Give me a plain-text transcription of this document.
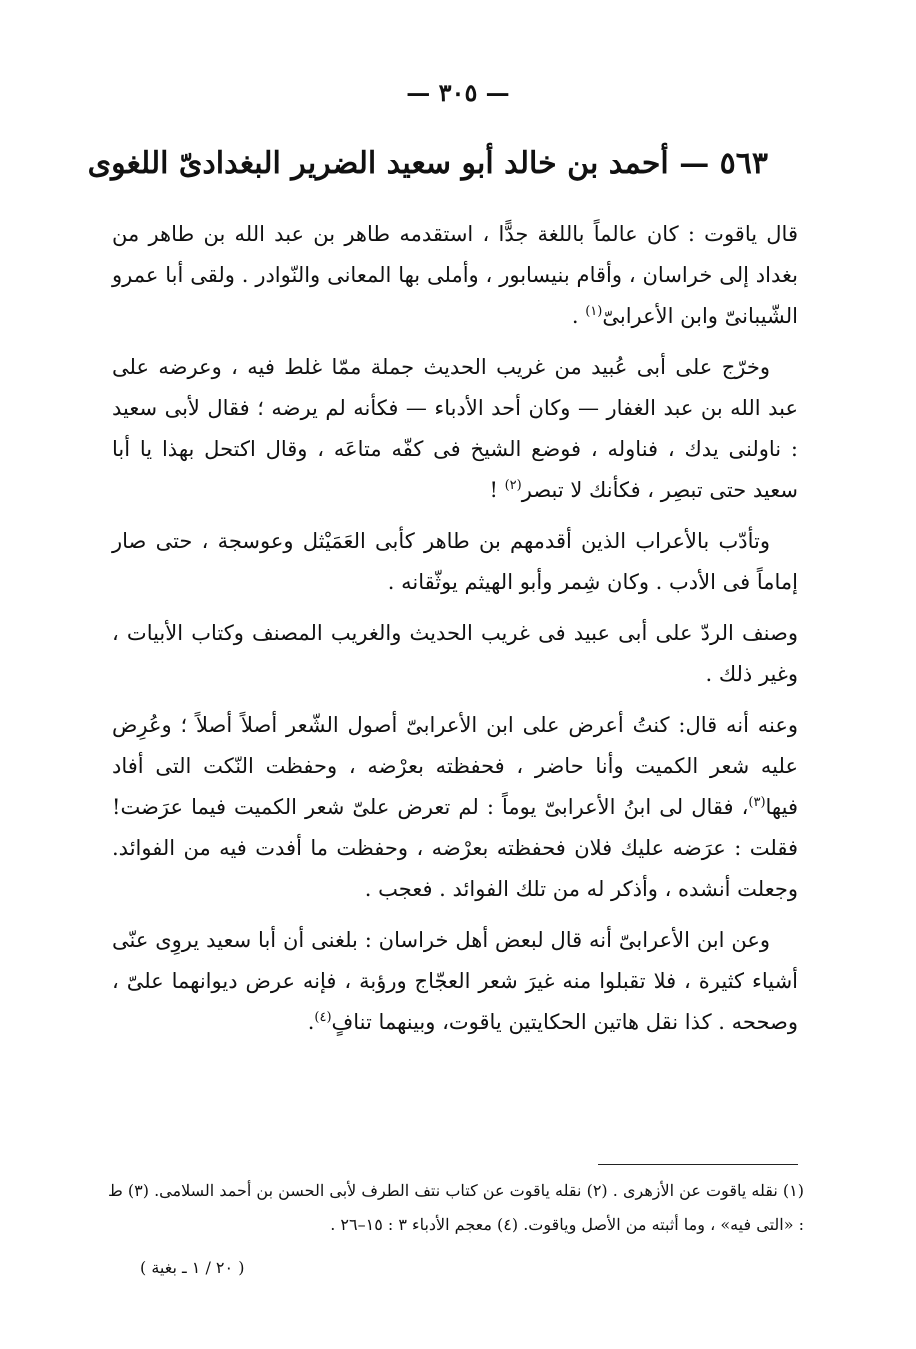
— ٣٠٥ —
٥٦٣ — أحمد بن خالد أبو سعيد الضرير البغدادىّ اللغوى

قال ياقوت : كان عالماً باللغة جدًّا ، استقدمه طاهر بن عبد الله بن طاهر من بغداد إلى خراسان ، وأقام بنيسابور ، وأملى بها المعانى والنّوادر . ولقى أبا عمرو الشّيبانىّ وابن الأعرابىّ$^{(١)}$ .

وخرّج على أبى عُبيد من غريب الحديث جملة ممّا غلط فيه ، وعرضه على عبد الله بن عبد الغفار — وكان أحد الأدباء — فكأنه لم يرضه ؛ فقال لأبى سعيد : ناولنى يدك ، فناوله ، فوضع الشيخ فى كفّه متاعَه ، وقال اكتحل بهذا يا أبا سعيد حتى تبصِر ، فكأنك لا تبصر$^{(٢)}$ !

وتأدّب بالأعراب الذين أقدمهم بن طاهر كأبى العَمَيْثل وعوسجة ، حتى صار إماماً فى الأدب . وكان شِمر وأبو الهيثم يوثّقانه .

وصنف الردّ على أبى عبيد فى غريب الحديث والغريب المصنف وكتاب الأبيات ، وغير ذلك .

وعنه أنه قال: كنتُ أعرض على ابن الأعرابىّ أصول الشّعر أصلاً أصلاً ؛ وعُرِض عليه شعر الكميت وأنا حاضر ، فحفظته بعرْضه ، وحفظت النّكت التى أفاد فيها$^{(٣)}$، فقال لى ابنُ الأعرابىّ يوماً : لم تعرض علىّ شعر الكميت فيما عرَضت! فقلت : عرَضه عليك فلان فحفظته بعرْضه ، وحفظت ما أفدت فيه من الفوائد. وجعلت أنشده ، وأذكر له من تلك الفوائد . فعجب .

وعن ابن الأعرابىّ أنه قال لبعض أهل خراسان : بلغنى أن أبا سعيد يروِى عنّى أشياء كثيرة ، فلا تقبلوا منه غيرَ شعر العجّاج ورؤبة ، فإنه عرض ديوانهما علىّ ، وصححه . كذا نقل هاتين الحكايتين ياقوت، وبينهما تنافٍ$^{(٤)}$.

(١) نقله ياقوت عن الأزهرى . (٢) نقله ياقوت عن كتاب نتف الطرف لأبى الحسن بن أحمد السلامى. (٣) ط : «التى فيه» ، وما أثبته من الأصل وياقوت. (٤) معجم الأدباء ٣ : ١٥–٢٦ .

( ٢٠ / ١ ـ بغية )
